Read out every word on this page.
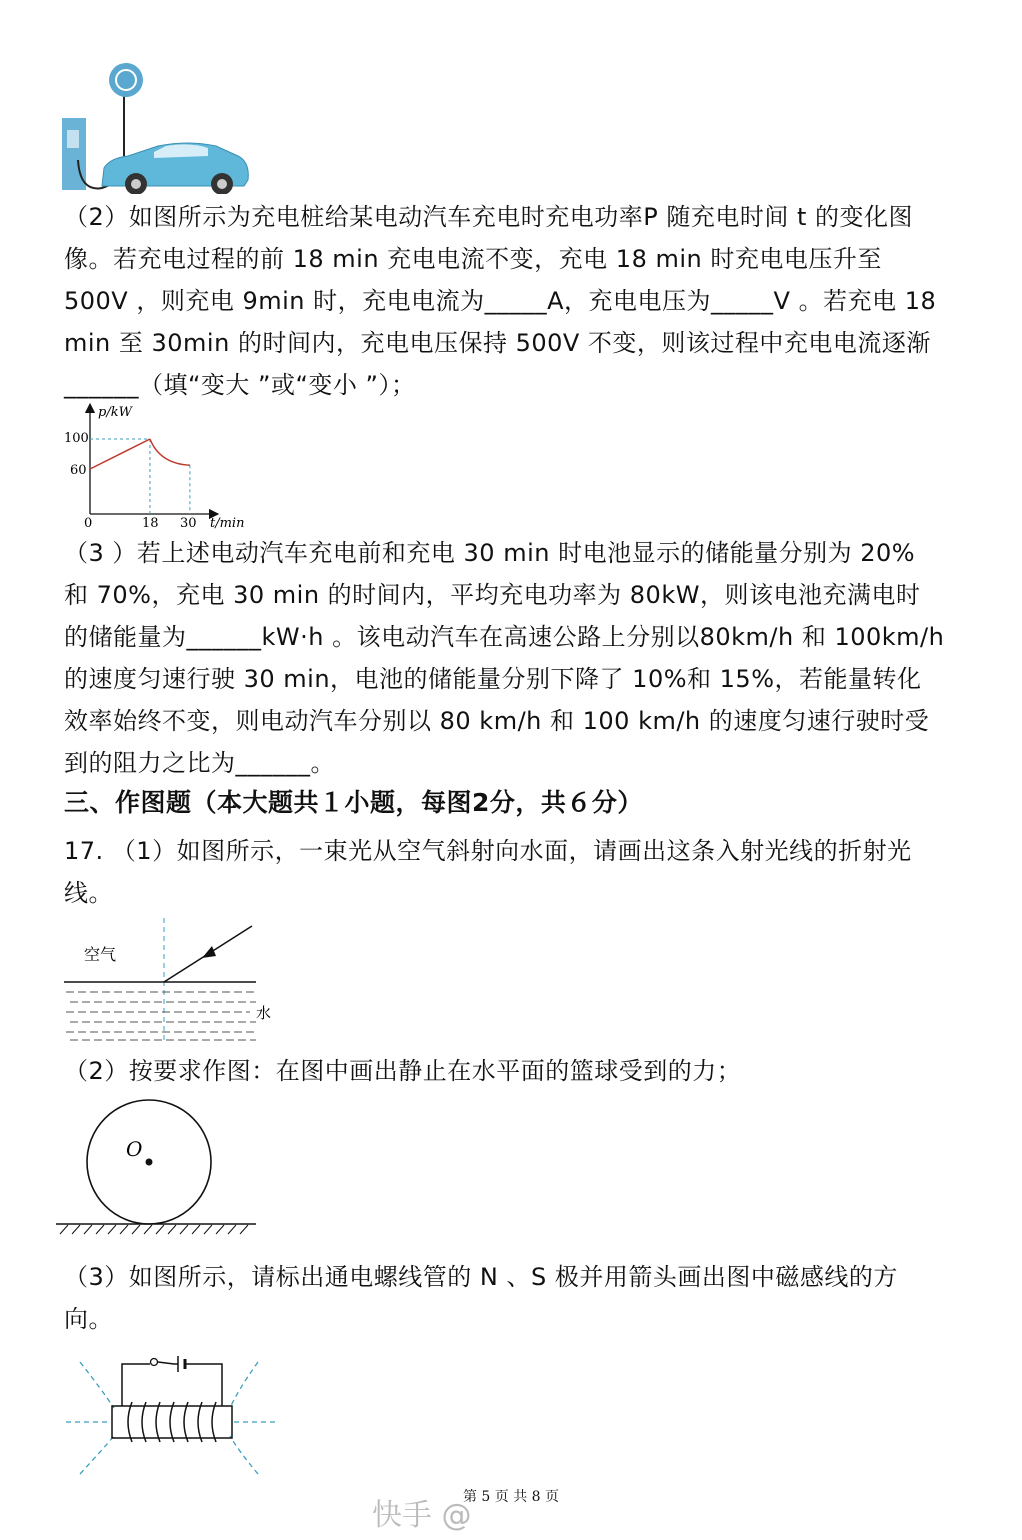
（2）如图所示为充电桩给某电动汽车充电时充电功率P 随充电时间 t 的变化图
像。若充电过程的前 18 min 充电电流不变，充电 18 min 时充电电压升至
500V ，则充电 9min 时，充电电流为_____A，充电电压为_____V 。若充电 18
min 至 30min 的时间内，充电电压保持 500V 不变，则该过程中充电电流逐渐
______（填“变大 ”或“变小 ”）；
p/kW
t/min
100
60
0	18 30
（3 ）若上述电动汽车充电前和充电 30 min 时电池显示的储能量分别为 20%
和 70%，充电 30 min 的时间内，平均充电功率为 80kW，则该电池充满电时
的储能量为______kW·h 。该电动汽车在高速公路上分别以80km/h 和 100km/h
的速度匀速行驶 30 min，电池的储能量分别下降了 10%和 15%，若能量转化
效率始终不变，则电动汽车分别以 80 km/h 和 100 km/h 的速度匀速行驶时受
到的阻力之比为______。
三、作图题（本大题共１小题，每图2分，共６分）
17. （1）如图所示，一束光从空气斜射向水面，请画出这条入射光线的折射光
线。
空气
水
（2）按要求作图：在图中画出静止在水平面的篮球受到的力；
O
（3）如图所示，请标出通电螺线管的 N 、S 极并用箭头画出图中磁感线的方
向。
第 5 页 共 8 页
快手 @
